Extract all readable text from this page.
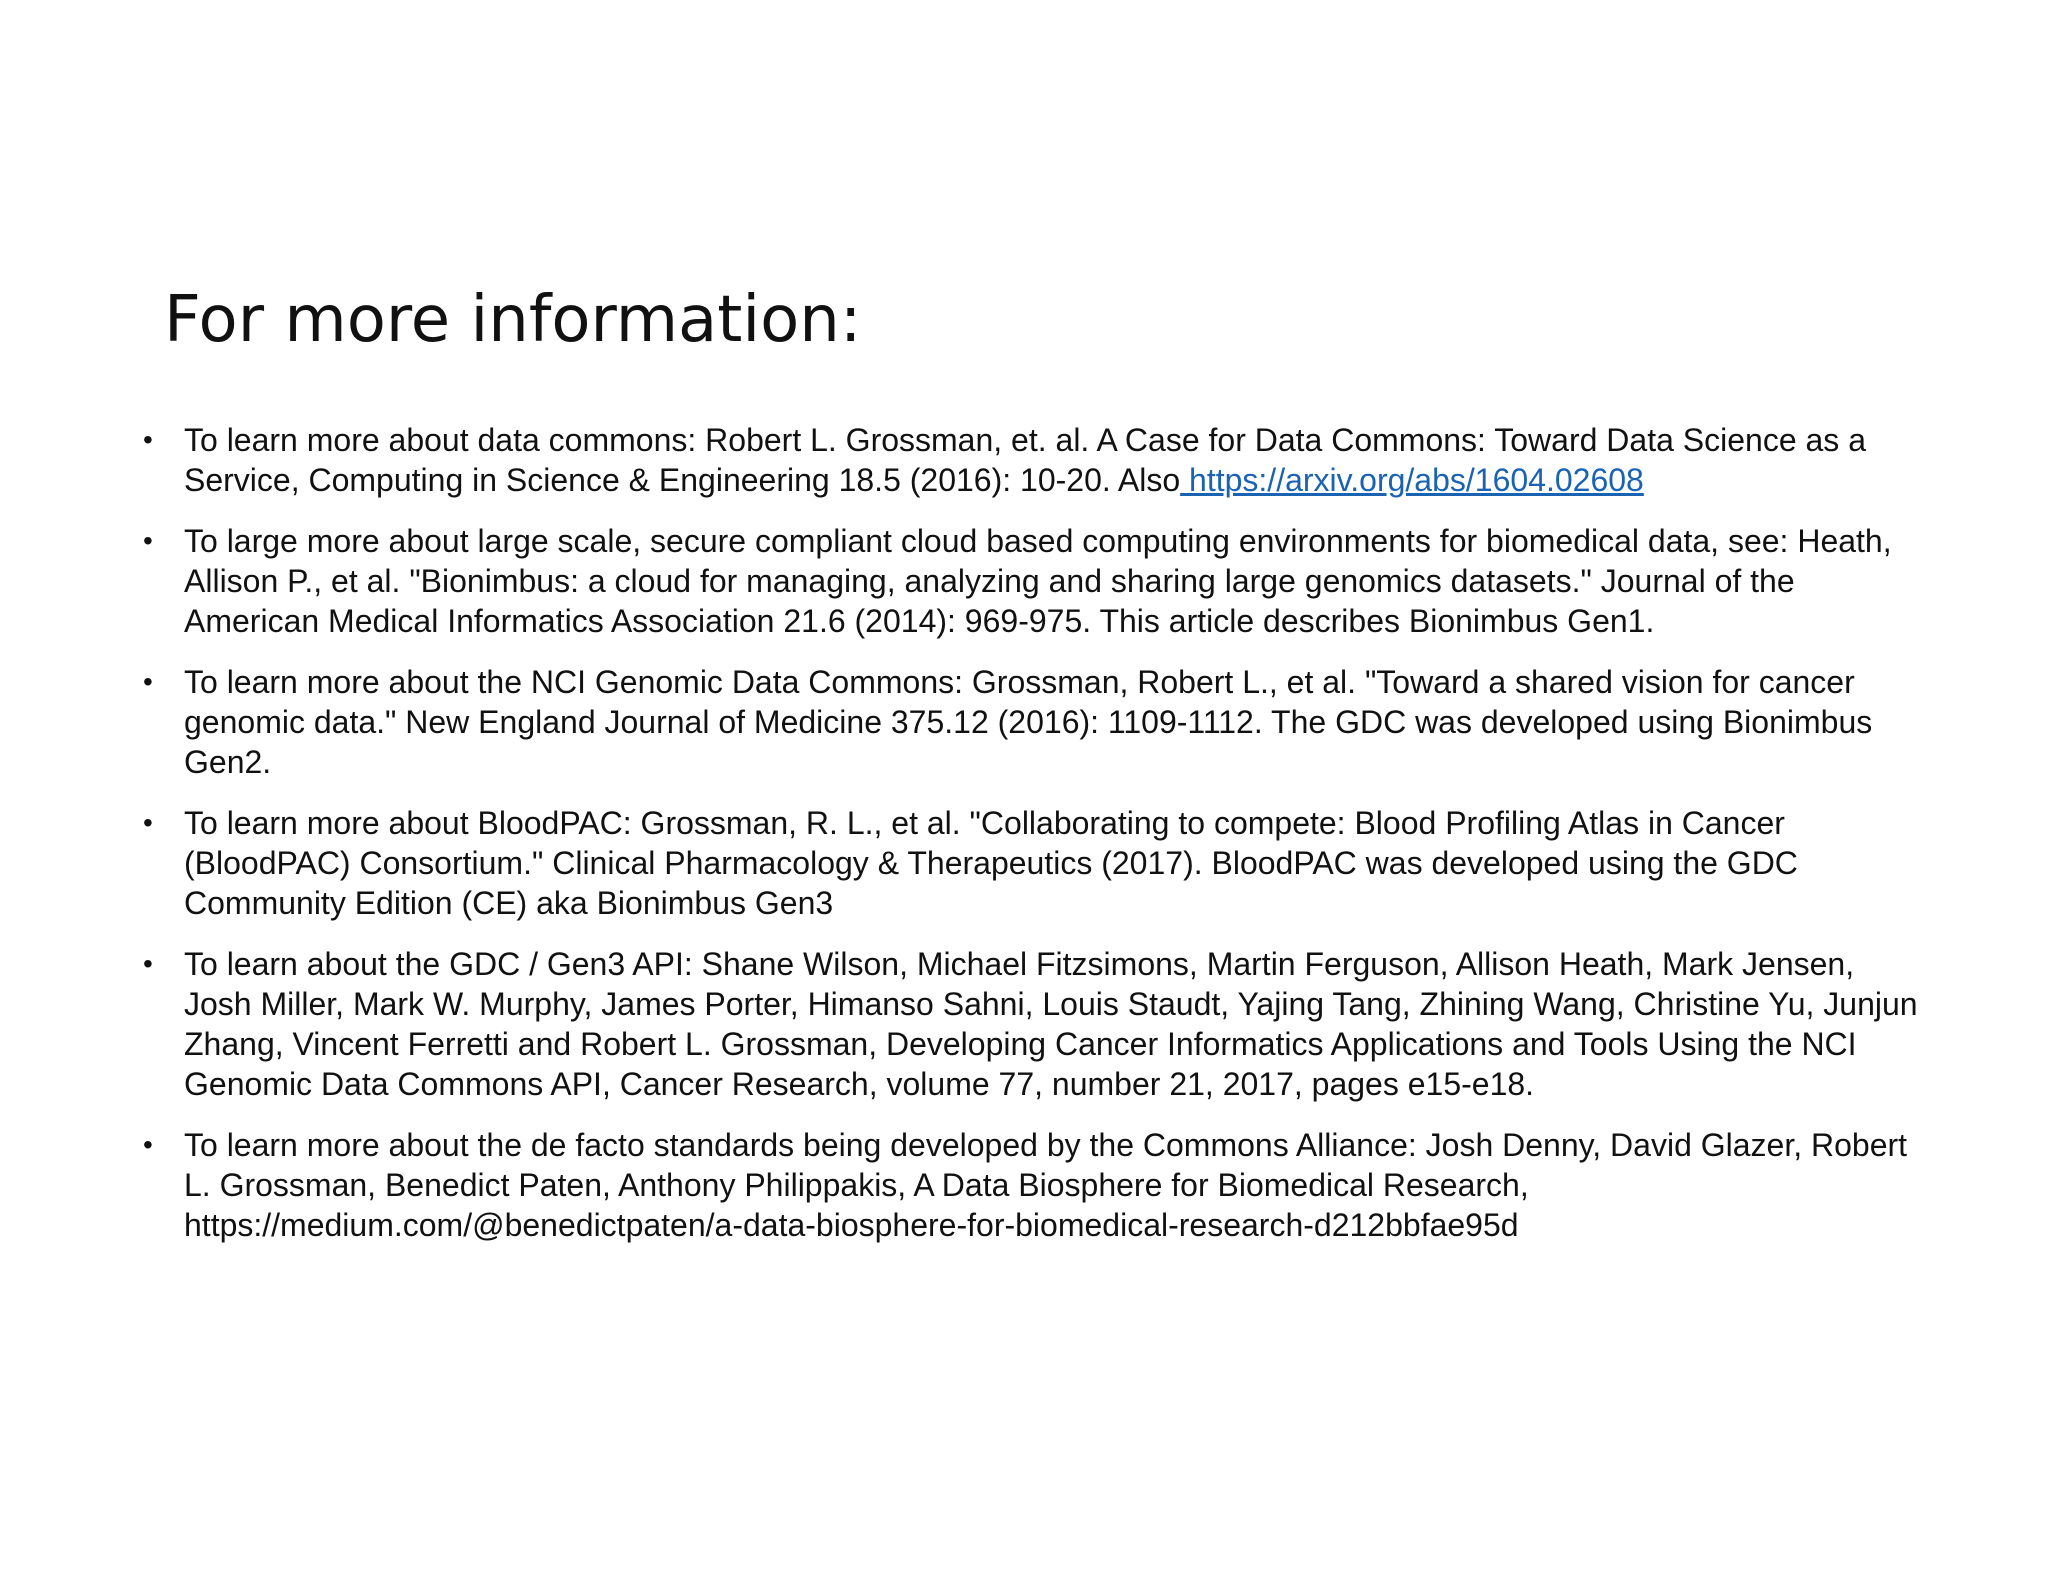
For more information:
• To learn more about data commons: Robert L. Grossman, et. al. A Case for Data Commons: Toward Data Science as a Service, Computing in Science & Engineering 18.5 (2016): 10-20. Also https://arxiv.org/abs/1604.02608
• To large more about large scale, secure compliant cloud based computing environments for biomedical data, see: Heath, Allison P., et al. "Bionimbus: a cloud for managing, analyzing and sharing large genomics datasets." Journal of the American Medical Informatics Association 21.6 (2014): 969-975. This article describes Bionimbus Gen1.
• To learn more about the NCI Genomic Data Commons: Grossman, Robert L., et al. "Toward a shared vision for cancer genomic data." New England Journal of Medicine 375.12 (2016): 1109-1112. The GDC was developed using Bionimbus Gen2.
• To learn more about BloodPAC: Grossman, R. L., et al. "Collaborating to compete: Blood Profiling Atlas in Cancer (BloodPAC) Consortium." Clinical Pharmacology & Therapeutics (2017). BloodPAC was developed using the GDC Community Edition (CE) aka Bionimbus Gen3
• To learn about the GDC / Gen3 API: Shane Wilson, Michael Fitzsimons, Martin Ferguson, Allison Heath, Mark Jensen, Josh Miller, Mark W. Murphy, James Porter, Himanso Sahni, Louis Staudt, Yajing Tang, Zhining Wang, Christine Yu, Junjun Zhang, Vincent Ferretti and Robert L. Grossman, Developing Cancer Informatics Applications and Tools Using the NCI Genomic Data Commons API, Cancer Research, volume 77, number 21, 2017, pages e15-e18.
• To learn more about the de facto standards being developed by the Commons Alliance: Josh Denny, David Glazer, Robert L. Grossman, Benedict Paten, Anthony Philippakis, A Data Biosphere for Biomedical Research, https://medium.com/@benedictpaten/a-data-biosphere-for-biomedical-research-d212bbfae95d
